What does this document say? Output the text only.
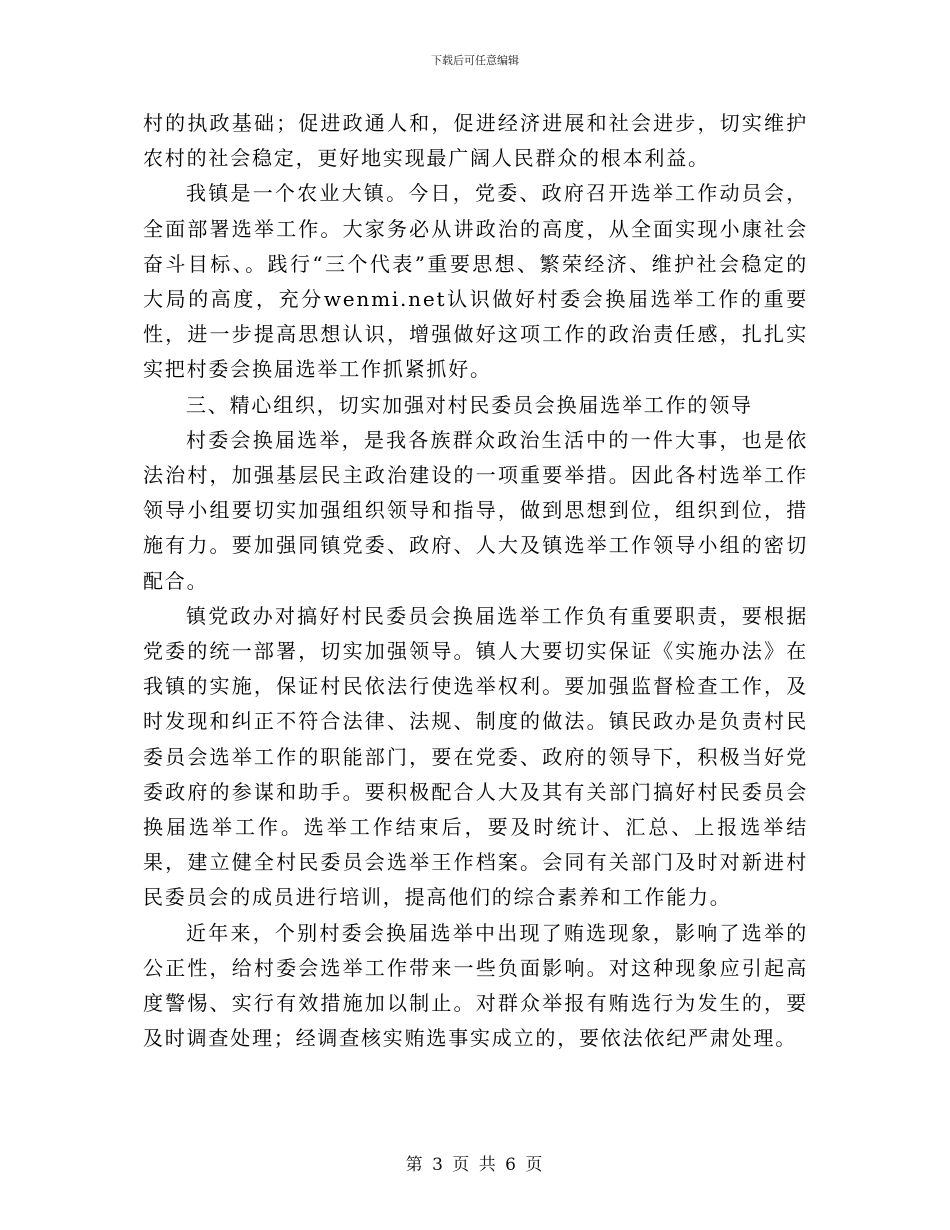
下载后可任意编辑

村的执政基础；促进政通人和，促进经济进展和社会进步，切实维护农村的社会稳定，更好地实现最广阔人民群众的根本利益。

我镇是一个农业大镇。今日，党委、政府召开选举工作动员会，全面部署选举工作。大家务必从讲政治的高度，从全面实现小康社会奋斗目标、。践行“三个代表”重要思想、繁荣经济、维护社会稳定的大局的高度，充分wenmi.net认识做好村委会换届选举工作的重要性，进一步提高思想认识，增强做好这项工作的政治责任感，扎扎实实把村委会换届选举工作抓紧抓好。

三、精心组织，切实加强对村民委员会换届选举工作的领导

村委会换届选举，是我各族群众政治生活中的一件大事，也是依法治村，加强基层民主政治建设的一项重要举措。因此各村选举工作领导小组要切实加强组织领导和指导，做到思想到位，组织到位，措施有力。要加强同镇党委、政府、人大及镇选举工作领导小组的密切配合。

镇党政办对搞好村民委员会换届选举工作负有重要职责，要根据党委的统一部署，切实加强领导。镇人大要切实保证《实施办法》在我镇的实施，保证村民依法行使选举权利。要加强监督检查工作，及时发现和纠正不符合法律、法规、制度的做法。镇民政办是负责村民委员会选举工作的职能部门，要在党委、政府的领导下，积极当好党委政府的参谋和助手。要积极配合人大及其有关部门搞好村民委员会换届选举工作。选举工作结束后，要及时统计、汇总、上报选举结果，建立健全村民委员会选举王作档案。会同有关部门及时对新进村民委员会的成员进行培训，提高他们的综合素养和工作能力。

近年来，个别村委会换届选举中出现了贿选现象，影响了选举的公正性，给村委会选举工作带来一些负面影响。对这种现象应引起高度警惕、实行有效措施加以制止。对群众举报有贿选行为发生的，要及时调查处理；经调查核实贿选事实成立的，要依法依纪严肃处理。

第 3 页 共 6 页
